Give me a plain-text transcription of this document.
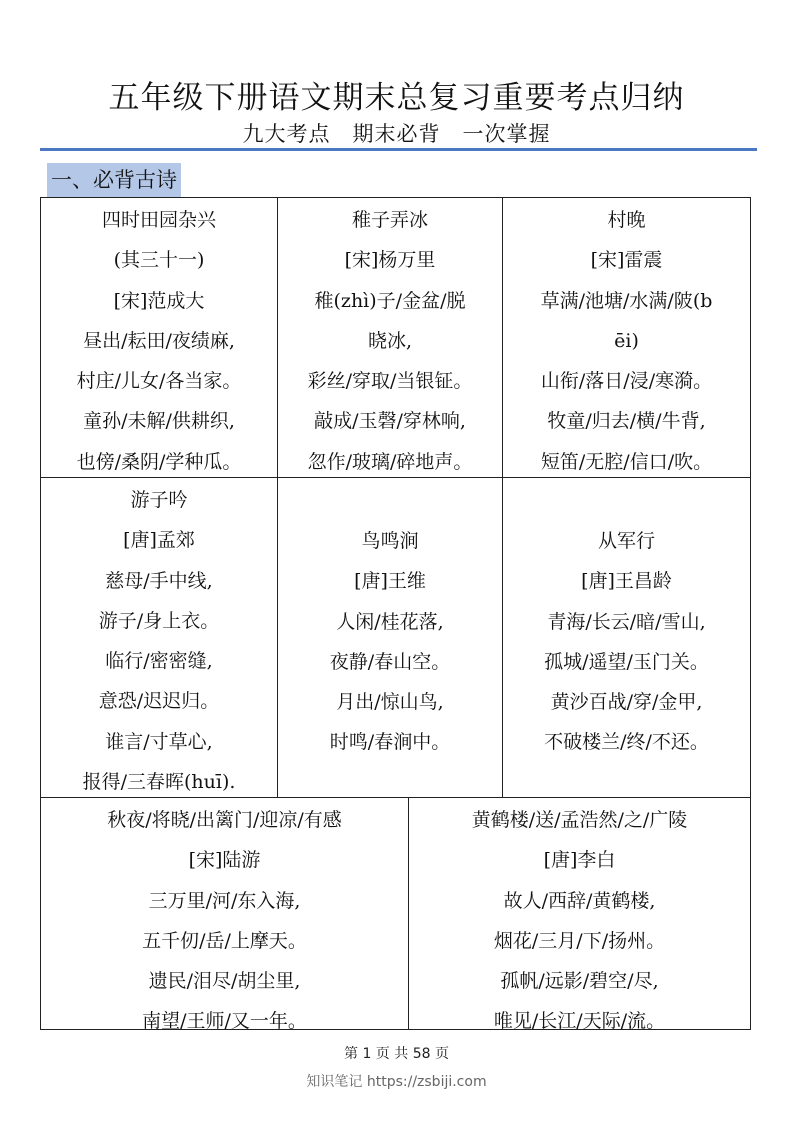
五年级下册语文期末总复习重要考点归纳
九大考点　期末必背　一次掌握
一、必背古诗
四时田园杂兴
(其三十一)
[宋]范成大
昼出/耘田/夜绩麻,
村庄/儿女/各当家。
童孙/未解/供耕织,
也傍/桑阴/学种瓜。
稚子弄冰
[宋]杨万里
稚(zhì)子/金盆/脱
晓冰,
彩丝/穿取/当银钲。
敲成/玉磬/穿林响,
忽作/玻璃/碎地声。
村晚
[宋]雷震
草满/池塘/水满/陂(b
ēi)
山衔/落日/浸/寒漪。
牧童/归去/横/牛背,
短笛/无腔/信口/吹。
游子吟
[唐]孟郊
慈母/手中线,
游子/身上衣。
临行/密密缝,
意恐/迟迟归。
谁言/寸草心,
报得/三春晖(huī).
鸟鸣涧
[唐]王维
人闲/桂花落,
夜静/春山空。
月出/惊山鸟,
时鸣/春涧中。
从军行
[唐]王昌龄
青海/长云/暗/雪山,
孤城/遥望/玉门关。
黄沙百战/穿/金甲,
不破楼兰/终/不还。
秋夜/将晓/出篱门/迎凉/有感
[宋]陆游
三万里/河/东入海,
五千仞/岳/上摩天。
遗民/泪尽/胡尘里,
南望/王师/又一年。
黄鹤楼/送/孟浩然/之/广陵
[唐]李白
故人/西辞/黄鹤楼,
烟花/三月/下/扬州。
孤帆/远影/碧空/尽,
唯见/长江/天际/流。
第 1 页 共 58 页
知识笔记 https://zsbiji.com
